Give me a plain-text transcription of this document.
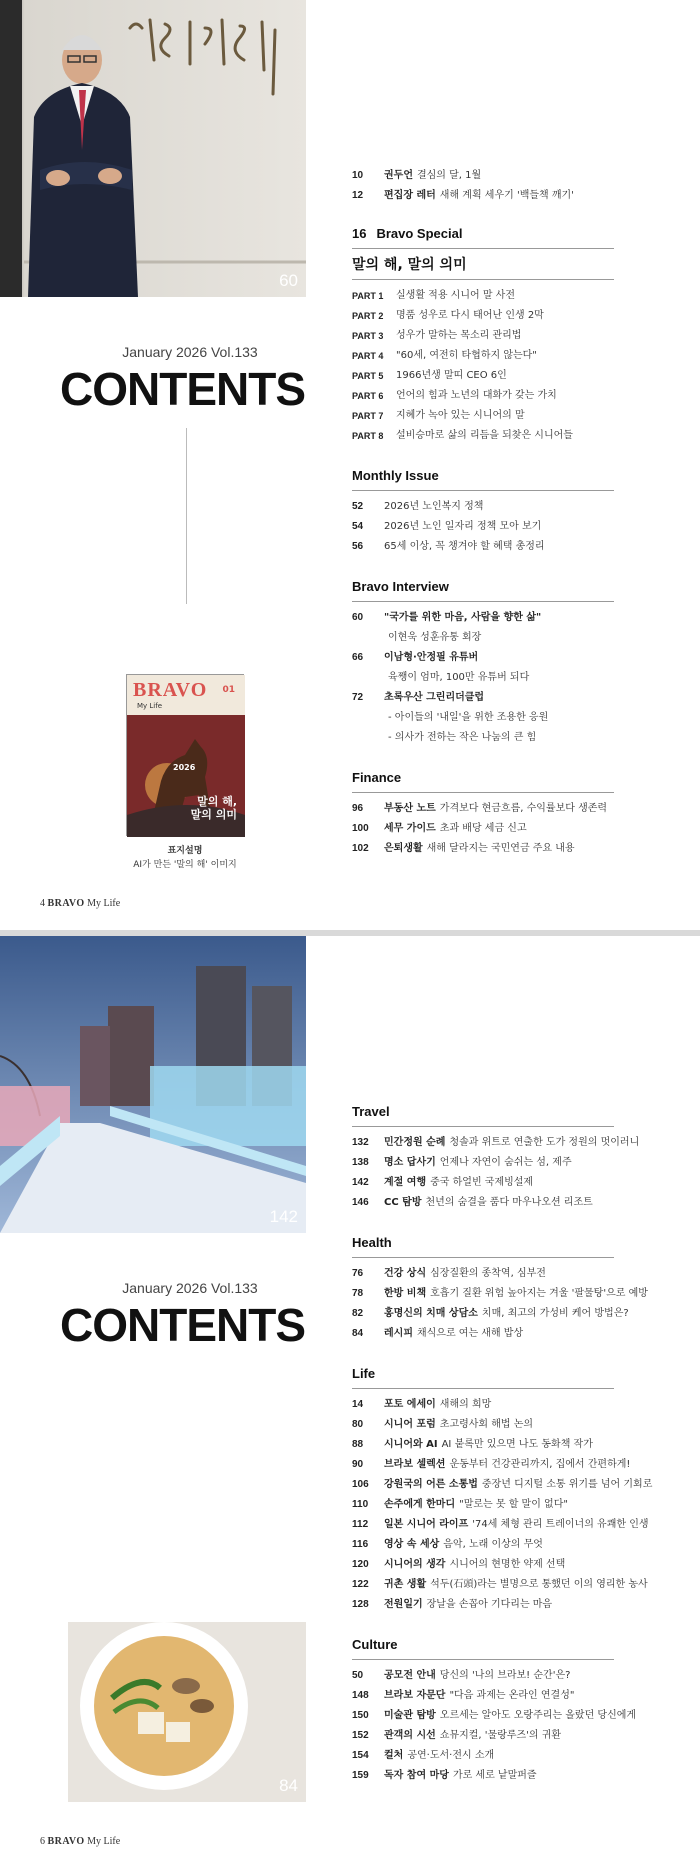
60
January 2026 Vol.133
CONTENTS
BRAVO
My Life
01
2026
말의 해,
말의 의미
표지설명
AI가 만든 '말의 해' 이미지
4 BRAVO My Life
10	권두언 결심의 달, 1월
12	편집장 레터 새해 계획 세우기 '백들책 깨기'
16 Bravo Special
말의 해, 말의 의미
PART 1	실생활 적용 시니어 말 사전
PART 2	명품 성우로 다시 태어난 인생 2막
PART 3	성우가 말하는 목소리 관리법
PART 4	"60세, 여전히 타협하지 않는다"
PART 5	1966년생 말띠 CEO 6인
PART 6	언어의 힘과 노년의 대화가 갖는 가치
PART 7	지혜가 녹아 있는 시니어의 말
PART 8	설비승마로 삶의 리듬을 되찾은 시니어들
Monthly Issue
52	2026년 노인복지 정책
54	2026년 노인 일자리 정책 모아 보기
56	65세 이상, 꼭 챙겨야 할 혜택 총정리
Bravo Interview
60	"국가를 위한 마음, 사람을 향한 삶"
이현욱 성훈유통 회장
66	이남형·안정필 유튜버
육쨍이 엄마, 100만 유튜버 되다
72	초록우산 그린리더클럽
- 아이들의 '내일'을 위한 조용한 응원
- 의사가 전하는 작은 나눔의 큰 힘
Finance
96	부동산 노트 가격보다 현금흐름, 수익률보다 생존력
100	세무 가이드 초과 배당 세금 신고
102	은퇴생활 새해 달라지는 국민연금 주요 내용
142
January 2026 Vol.133
CONTENTS
84
6 BRAVO My Life
Travel
132	민간정원 순례 청솔과 위트로 연출한 도가 정원의 멋이러니
138	명소 답사기 언제나 자연이 숨쉬는 섬, 제주
142	계절 여행 중국 하얼빈 국제빙설제
146	CC 탐방 천년의 숨결을 품다 마우나오션 리조트
Health
76	건강 상식 심장질환의 종착역, 심부전
78	한방 비책 호흡기 질환 위험 높아지는 겨울 '팔물탕'으로 예방
82	홍명신의 치매 상담소 치매, 최고의 가성비 케어 방법은?
84	레시피 채식으로 여는 새해 밥상
Life
14	포토 에세이 새해의 희망
80	시니어 포럼 초고령사회 해법 논의
88	시니어와 AI AI 붙록만 있으면 나도 동화책 작가
90	브라보 셀렉션 운동부터 건강관리까지, 집에서 간편하게!
106	강원국의 어른 소통법 중장년 디지털 소통 위기를 넘어 기회로
110	손주에게 한마디 "말로는 못 할 말이 없다"
112	일본 시니어 라이프 '74세 체형 관리 트레이너의 유쾌한 인생
116	영상 속 세상 음악, 노래 이상의 무엇
120	시니어의 생각 시니어의 현명한 약제 선택
122	귀촌 생활 석두(石頭)라는 별명으로 통했던 이의 영리한 농사
128	전원일기 장날을 손꼽아 기다리는 마음
Culture
50	공모전 안내 당신의 '나의 브라보! 순간'은?
148	브라보 자문단 "다음 과제는 온라인 연결성"
150	미술관 탐방 오르세는 알아도 오랑주리는 올랐던 당신에게
152	관객의 시선 쇼뮤지컬, '물랑루즈'의 귀환
154	컬처 공연·도서·전시 소개
159	독자 참여 마당 가로 세로 낱말퍼즐
